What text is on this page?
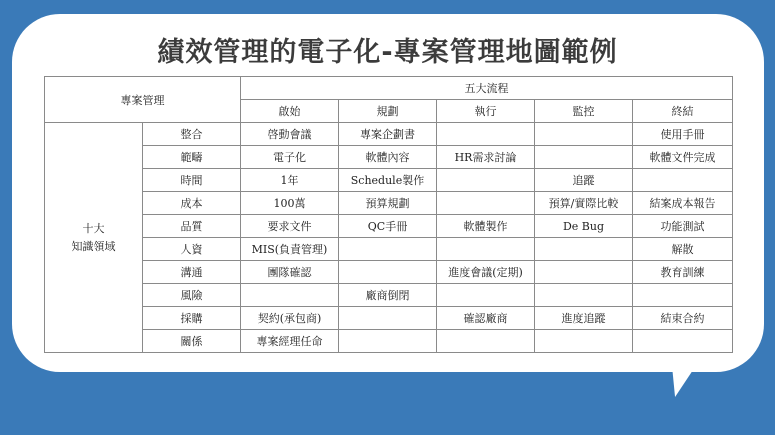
績效管理的電子化-專案管理地圖範例
專案管理		五大流程				
		啟始	規劃	執行	監控	終結

十大
知識領域	整合	啓動會議	專案企劃書			使用手冊
	範疇	電子化	軟體內容	HR需求討論		軟體文件完成
	時間	1年	Schedule製作		追蹤	
	成本	100萬	預算規劃		預算/實際比較	結案成本報告
	品質	要求文件	QC手冊	軟體製作	De Bug	功能測試
	人資	MIS(負責管理)				解散
	溝通	團隊確認		進度會議(定期)		教育訓練
	風險		廠商倒閉			
	採購	契約(承包商)		確認廠商	進度追蹤	結束合約
	關係	專案經理任命				
